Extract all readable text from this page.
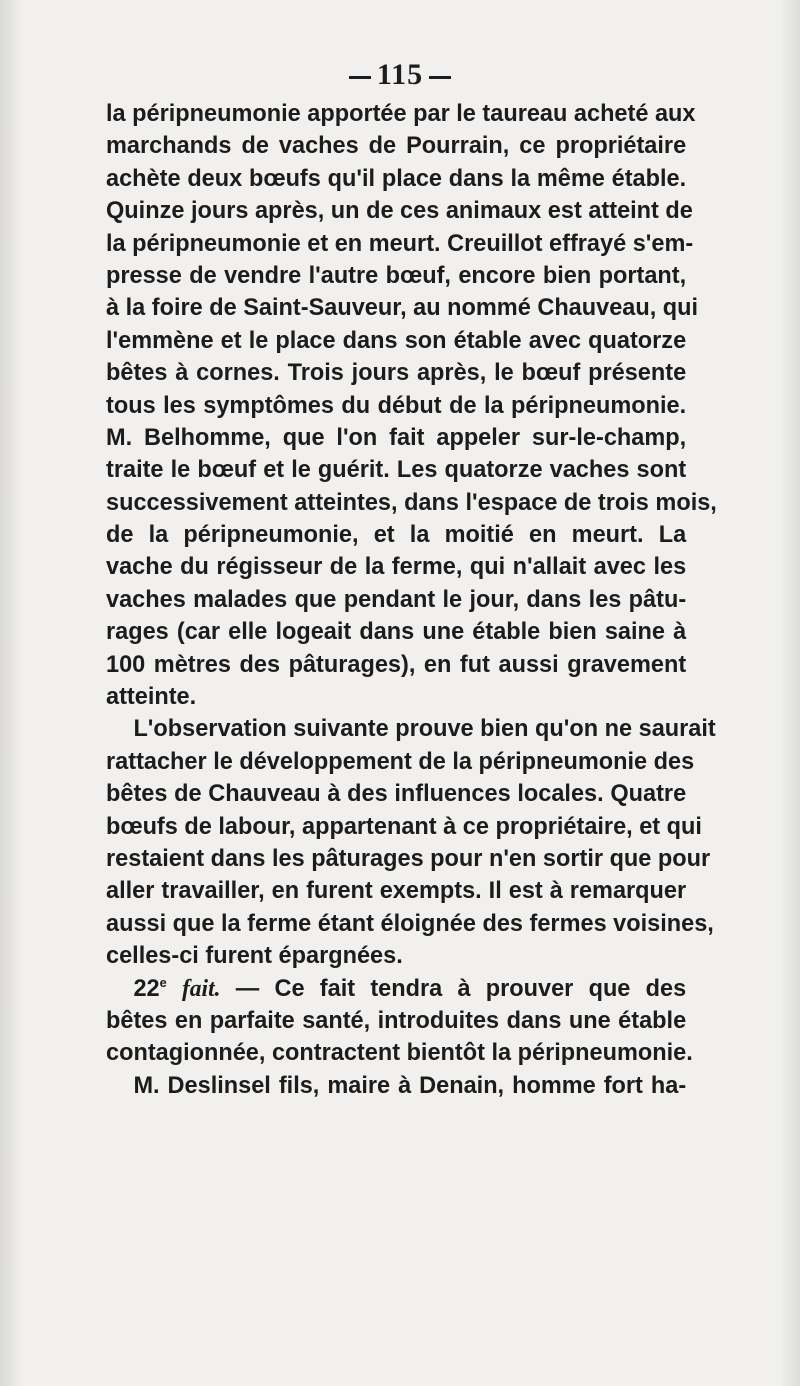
115
la péripneumonie apportée par le taureau acheté aux
marchands de vaches de Pourrain, ce propriétaire
achète deux bœufs qu'il place dans la même étable.
Quinze jours après, un de ces animaux est atteint de
la péripneumonie et en meurt. Creuillot effrayé s'em-
presse de vendre l'autre bœuf, encore bien portant,
à la foire de Saint-Sauveur, au nommé Chauveau, qui
l'emmène et le place dans son étable avec quatorze
bêtes à cornes. Trois jours après, le bœuf présente
tous les symptômes du début de la péripneumonie.
M. Belhomme, que l'on fait appeler sur-le-champ,
traite le bœuf et le guérit. Les quatorze vaches sont
successivement atteintes, dans l'espace de trois mois,
de la péripneumonie, et la moitié en meurt. La
vache du régisseur de la ferme, qui n'allait avec les
vaches malades que pendant le jour, dans les pâtu-
rages (car elle logeait dans une étable bien saine à
100 mètres des pâturages), en fut aussi gravement
atteinte.
L'observation suivante prouve bien qu'on ne saurait
rattacher le développement de la péripneumonie des
bêtes de Chauveau à des influences locales. Quatre
bœufs de labour, appartenant à ce propriétaire, et qui
restaient dans les pâturages pour n'en sortir que pour
aller travailler, en furent exempts. Il est à remarquer
aussi que la ferme étant éloignée des fermes voisines,
celles-ci furent épargnées.
22e fait. — Ce fait tendra à prouver que des
bêtes en parfaite santé, introduites dans une étable
contagionnée, contractent bientôt la péripneumonie.
M. Deslinsel fils, maire à Denain, homme fort ha-
